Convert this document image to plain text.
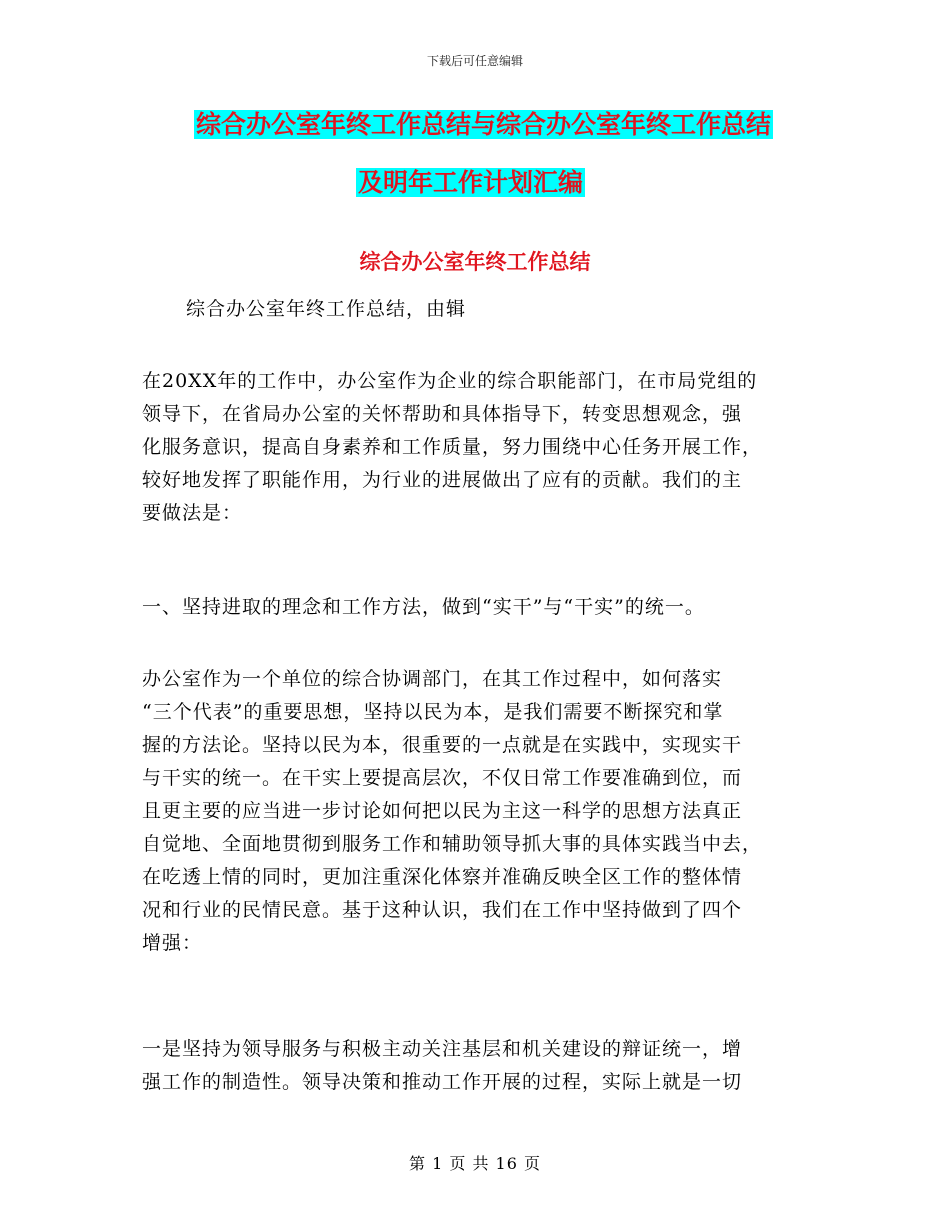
下载后可任意编辑
综合办公室年终工作总结与综合办公室年终工作总结
及明年工作计划汇编
综合办公室年终工作总结

综合办公室年终工作总结，由辑

在20XX年的工作中，办公室作为企业的综合职能部门，在市局党组的
领导下，在省局办公室的关怀帮助和具体指导下，转变思想观念，强
化服务意识，提高自身素养和工作质量，努力围绕中心任务开展工作，
较好地发挥了职能作用，为行业的进展做出了应有的贡献。我们的主
要做法是：

一、坚持进取的理念和工作方法，做到“实干”与“干实”的统一。

办公室作为一个单位的综合协调部门，在其工作过程中，如何落实
“三个代表”的重要思想，坚持以民为本，是我们需要不断探究和掌
握的方法论。坚持以民为本，很重要的一点就是在实践中，实现实干
与干实的统一。在干实上要提高层次，不仅日常工作要准确到位，而
且更主要的应当进一步讨论如何把以民为主这一科学的思想方法真正
自觉地、全面地贯彻到服务工作和辅助领导抓大事的具体实践当中去，
在吃透上情的同时，更加注重深化体察并准确反映全区工作的整体情
况和行业的民情民意。基于这种认识，我们在工作中坚持做到了四个
增强：

一是坚持为领导服务与积极主动关注基层和机关建设的辩证统一，增
强工作的制造性。领导决策和推动工作开展的过程，实际上就是一切

第 1 页 共 16 页
